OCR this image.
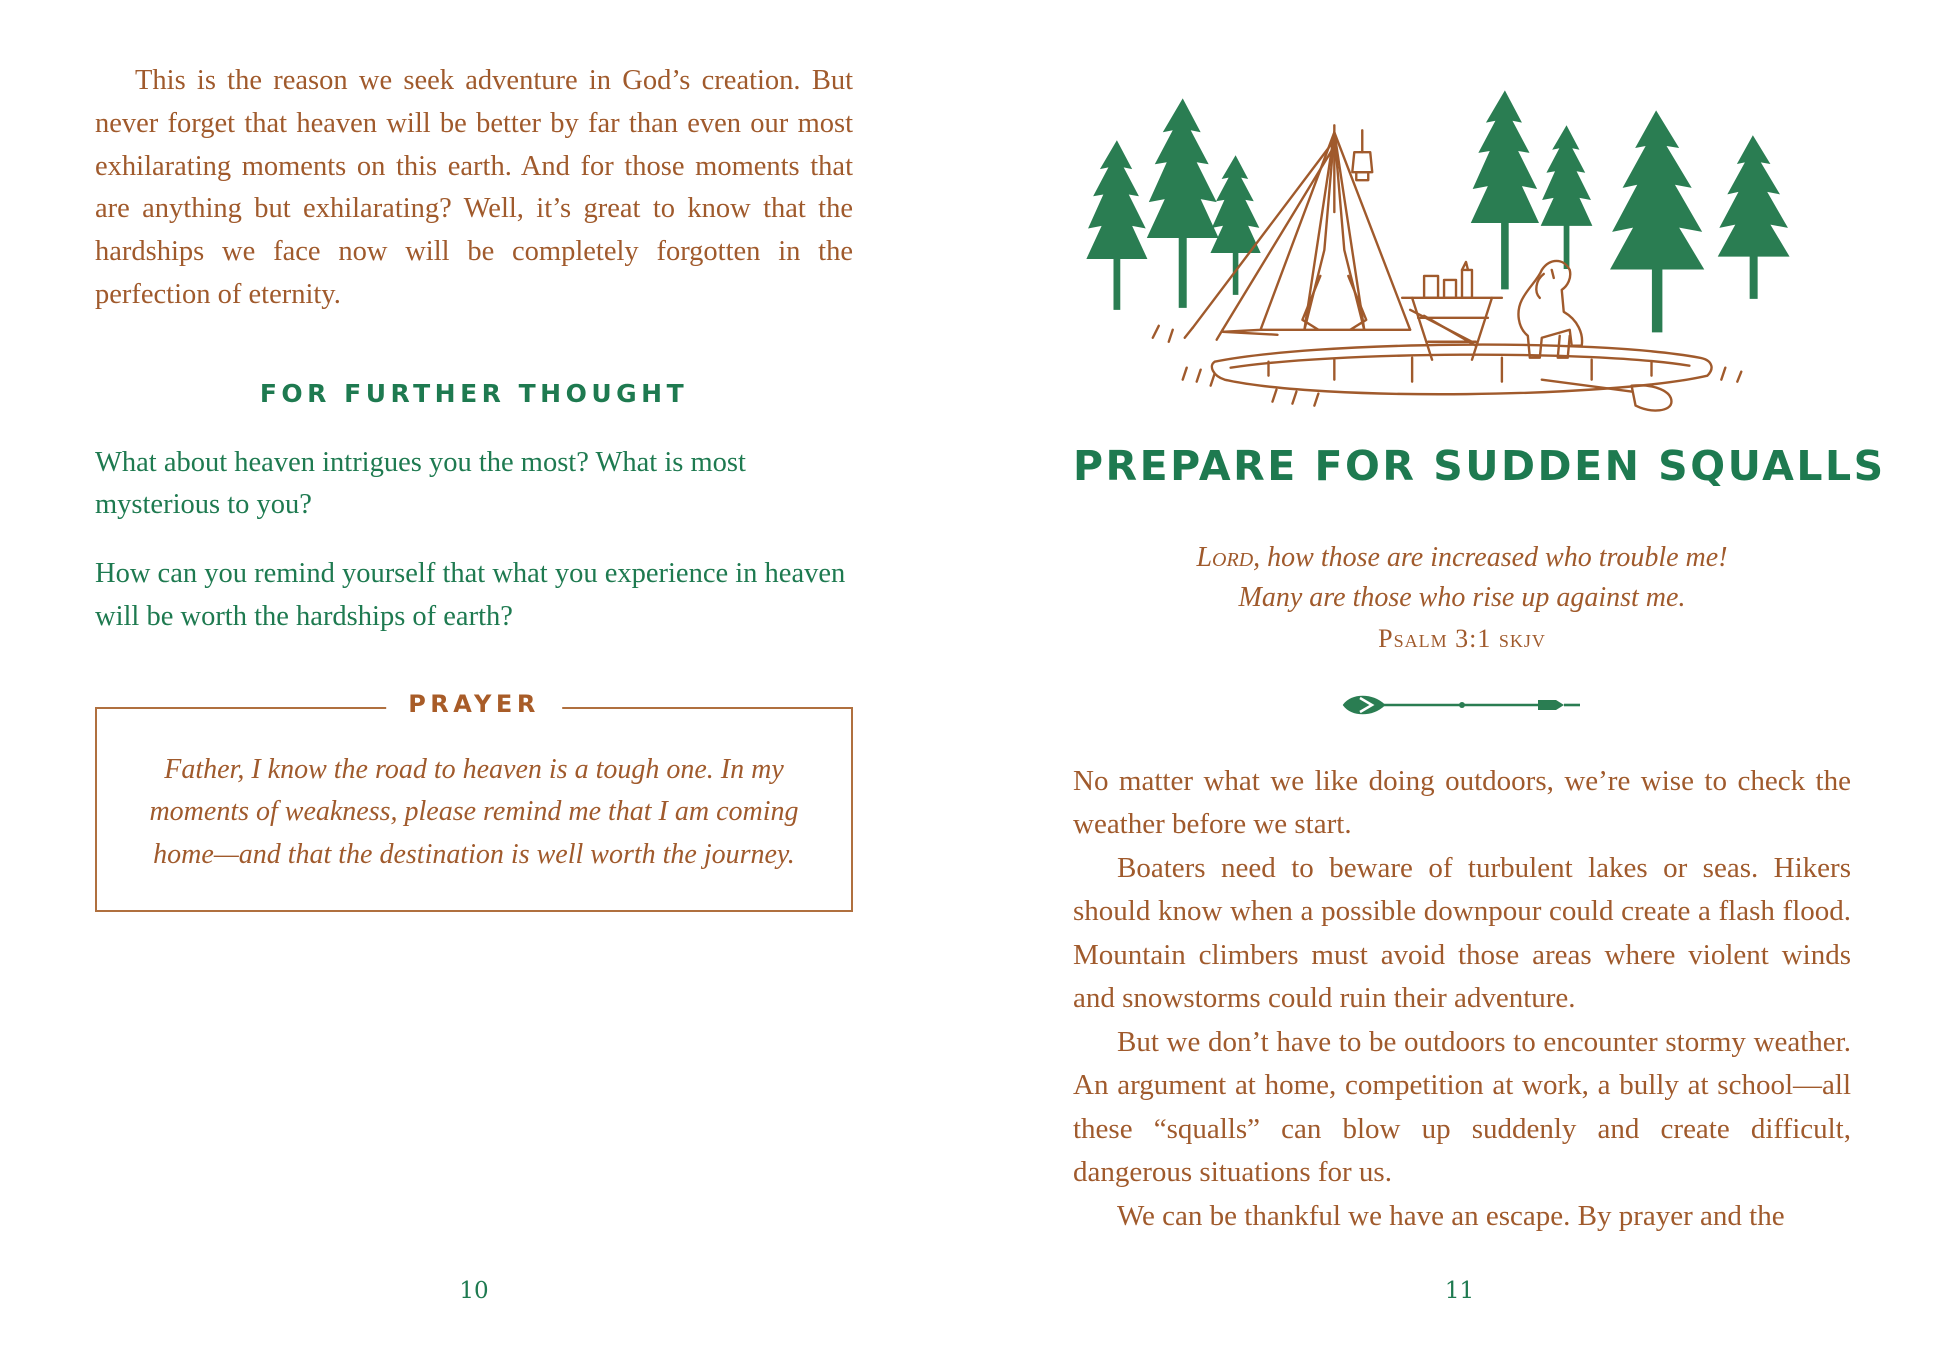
This is the reason we seek adventure in God’s creation. But never forget that heaven will be better by far than even our most exhilarating moments on this earth. And for those moments that are anything but exhilarating? Well, it’s great to know that the hardships we face now will be completely forgotten in the perfection of eternity.

FOR FURTHER THOUGHT

What about heaven intrigues you the most? What is most mysterious to you?

How can you remind yourself that what you experience in heaven will be worth the hardships of earth?

PRAYER

Father, I know the road to heaven is a tough one. In my moments of weakness, please remind me that I am coming home—and that the destination is well worth the journey.

10
PREPARE FOR SUDDEN SQUALLS
Lord, how those are increased who trouble me!
Many are those who rise up against me.
Psalm 3:1 skjv

No matter what we like doing outdoors, we’re wise to check the weather before we start.

Boaters need to beware of turbulent lakes or seas. Hikers should know when a possible downpour could create a flash flood. Mountain climbers must avoid those areas where violent winds and snowstorms could ruin their adventure.

But we don’t have to be outdoors to encounter stormy weather. An argument at home, competition at work, a bully at school—all these “squalls” can blow up suddenly and create difficult, dangerous situations for us.

We can be thankful we have an escape. By prayer and the

11
